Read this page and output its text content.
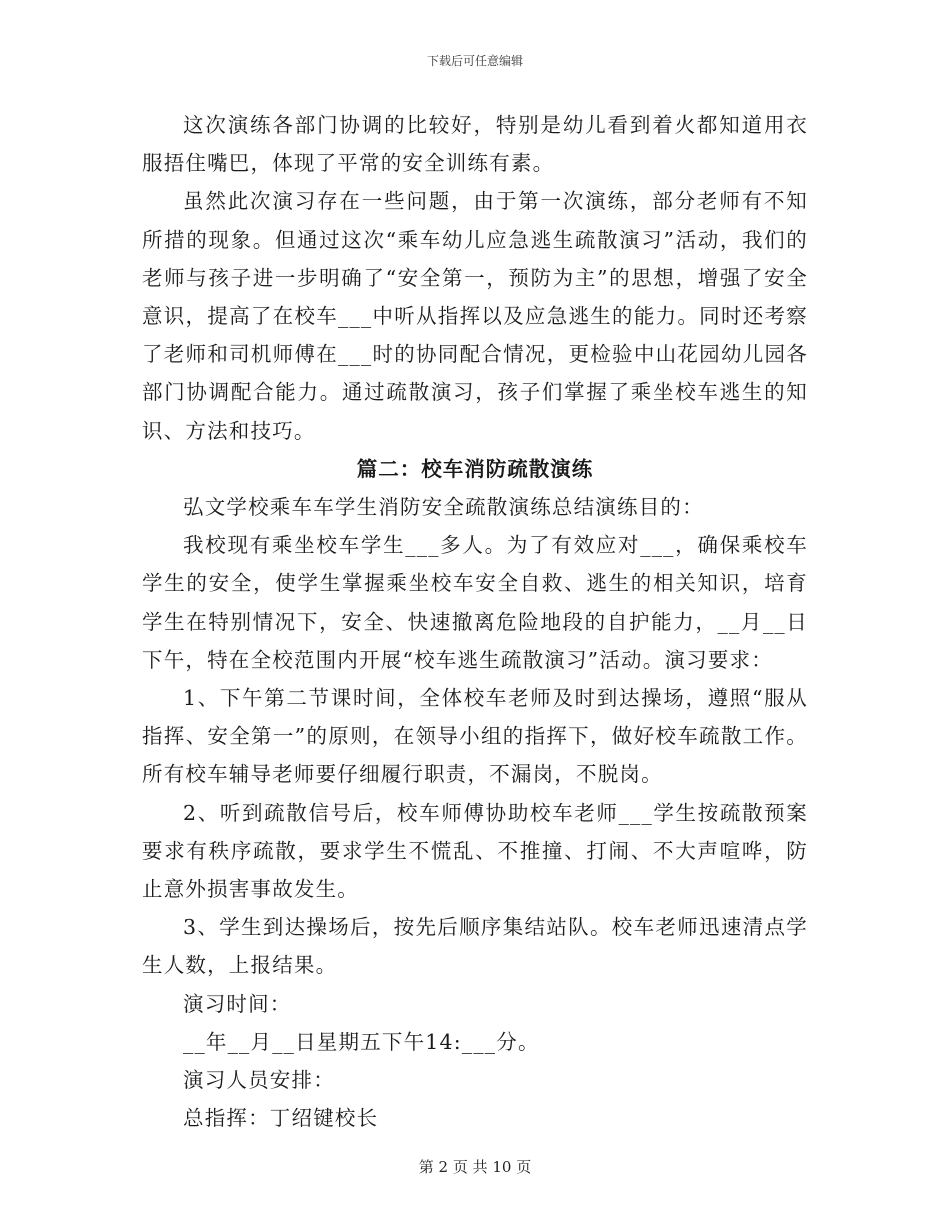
下载后可任意编辑

这次演练各部门协调的比较好，特别是幼儿看到着火都知道用衣服捂住嘴巴，体现了平常的安全训练有素。

虽然此次演习存在一些问题，由于第一次演练，部分老师有不知所措的现象。但通过这次“乘车幼儿应急逃生疏散演习”活动，我们的老师与孩子进一步明确了“安全第一，预防为主”的思想，增强了安全意识，提高了在校车___中听从指挥以及应急逃生的能力。同时还考察了老师和司机师傅在___时的协同配合情况，更检验中山花园幼儿园各部门协调配合能力。通过疏散演习，孩子们掌握了乘坐校车逃生的知识、方法和技巧。

篇二：校车消防疏散演练

弘文学校乘车车学生消防安全疏散演练总结演练目的：

我校现有乘坐校车学生___多人。为了有效应对___，确保乘校车学生的安全，使学生掌握乘坐校车安全自救、逃生的相关知识，培育学生在特别情况下，安全、快速撤离危险地段的自护能力，__月__日下午，特在全校范围内开展“校车逃生疏散演习”活动。演习要求：

1、下午第二节课时间，全体校车老师及时到达操场，遵照“服从指挥、安全第一”的原则，在领导小组的指挥下，做好校车疏散工作。所有校车辅导老师要仔细履行职责，不漏岗，不脱岗。

2、听到疏散信号后，校车师傅协助校车老师___学生按疏散预案要求有秩序疏散，要求学生不慌乱、不推撞、打闹、不大声喧哗，防止意外损害事故发生。

3、学生到达操场后，按先后顺序集结站队。校车老师迅速清点学生人数，上报结果。

演习时间：

__年__月__日星期五下午14:___分。

演习人员安排：

总指挥：丁绍键校长

第 2 页 共 10 页
